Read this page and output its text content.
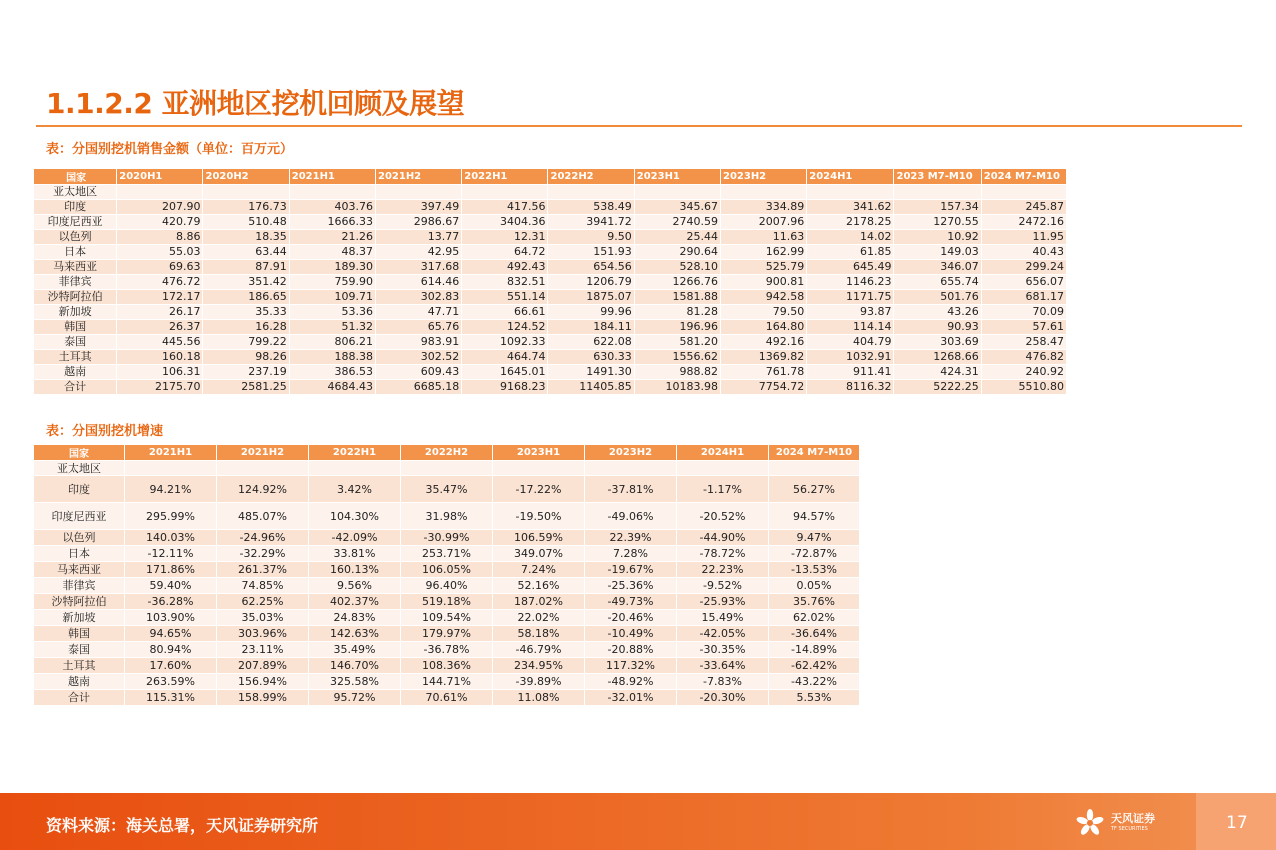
1.1.2.2 亚洲地区挖机回顾及展望
表：分国别挖机销售金额（单位：百万元）
国家	2020H1	2020H2	2021H1	2021H2	2022H1	2022H2	2023H1	2023H2	2024H1	2023 M7-M10	2024 M7-M10
亚太地区											
印度	207.90	176.73	403.76	397.49	417.56	538.49	345.67	334.89	341.62	157.34	245.87
印度尼西亚	420.79	510.48	1666.33	2986.67	3404.36	3941.72	2740.59	2007.96	2178.25	1270.55	2472.16
以色列	8.86	18.35	21.26	13.77	12.31	9.50	25.44	11.63	14.02	10.92	11.95
日本	55.03	63.44	48.37	42.95	64.72	151.93	290.64	162.99	61.85	149.03	40.43
马来西亚	69.63	87.91	189.30	317.68	492.43	654.56	528.10	525.79	645.49	346.07	299.24
菲律宾	476.72	351.42	759.90	614.46	832.51	1206.79	1266.76	900.81	1146.23	655.74	656.07
沙特阿拉伯	172.17	186.65	109.71	302.83	551.14	1875.07	1581.88	942.58	1171.75	501.76	681.17
新加坡	26.17	35.33	53.36	47.71	66.61	99.96	81.28	79.50	93.87	43.26	70.09
韩国	26.37	16.28	51.32	65.76	124.52	184.11	196.96	164.80	114.14	90.93	57.61
泰国	445.56	799.22	806.21	983.91	1092.33	622.08	581.20	492.16	404.79	303.69	258.47
土耳其	160.18	98.26	188.38	302.52	464.74	630.33	1556.62	1369.82	1032.91	1268.66	476.82
越南	106.31	237.19	386.53	609.43	1645.01	1491.30	988.82	761.78	911.41	424.31	240.92
合计	2175.70	2581.25	4684.43	6685.18	9168.23	11405.85	10183.98	7754.72	8116.32	5222.25	5510.80
表：分国别挖机增速
国家	2021H1	2021H2	2022H1	2022H2	2023H1	2023H2	2024H1	2024 M7-M10
亚太地区								
印度	94.21%	124.92%	3.42%	35.47%	-17.22%	-37.81%	-1.17%	56.27%
印度尼西亚	295.99%	485.07%	104.30%	31.98%	-19.50%	-49.06%	-20.52%	94.57%
以色列	140.03%	-24.96%	-42.09%	-30.99%	106.59%	22.39%	-44.90%	9.47%
日本	-12.11%	-32.29%	33.81%	253.71%	349.07%	7.28%	-78.72%	-72.87%
马来西亚	171.86%	261.37%	160.13%	106.05%	7.24%	-19.67%	22.23%	-13.53%
菲律宾	59.40%	74.85%	9.56%	96.40%	52.16%	-25.36%	-9.52%	0.05%
沙特阿拉伯	-36.28%	62.25%	402.37%	519.18%	187.02%	-49.73%	-25.93%	35.76%
新加坡	103.90%	35.03%	24.83%	109.54%	22.02%	-20.46%	15.49%	62.02%
韩国	94.65%	303.96%	142.63%	179.97%	58.18%	-10.49%	-42.05%	-36.64%
泰国	80.94%	23.11%	35.49%	-36.78%	-46.79%	-20.88%	-30.35%	-14.89%
土耳其	17.60%	207.89%	146.70%	108.36%	234.95%	117.32%	-33.64%	-62.42%
越南	263.59%	156.94%	325.58%	144.71%	-39.89%	-48.92%	-7.83%	-43.22%
合计	115.31%	158.99%	95.72%	70.61%	11.08%	-32.01%	-20.30%	5.53%
资料来源：海关总署，天风证券研究所	天风证券
TF SECURITIES	17
